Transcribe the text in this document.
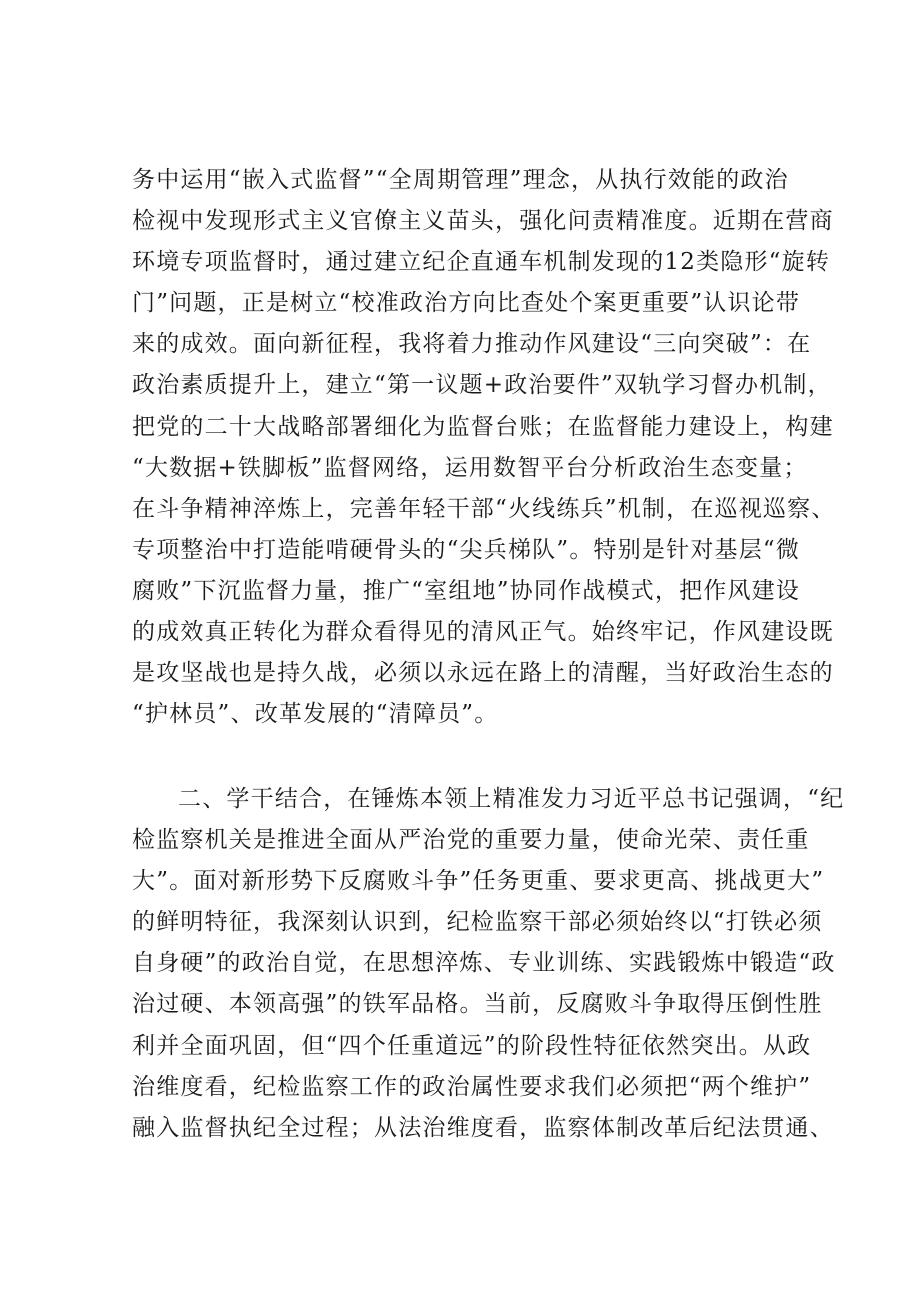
务中运用“嵌入式监督”“全周期管理”理念，从执行效能的政治
检视中发现形式主义官僚主义苗头，强化问责精准度。近期在营商
环境专项监督时，通过建立纪企直通车机制发现的12类隐形“旋转
门”问题，正是树立“校准政治方向比查处个案更重要”认识论带
来的成效。面向新征程，我将着力推动作风建设“三向突破”：在
政治素质提升上，建立“第一议题+政治要件”双轨学习督办机制，
把党的二十大战略部署细化为监督台账；在监督能力建设上，构建
“大数据+铁脚板”监督网络，运用数智平台分析政治生态变量；
在斗争精神淬炼上，完善年轻干部“火线练兵”机制，在巡视巡察、
专项整治中打造能啃硬骨头的“尖兵梯队”。特别是针对基层“微
腐败”下沉监督力量，推广“室组地”协同作战模式，把作风建设
的成效真正转化为群众看得见的清风正气。始终牢记，作风建设既
是攻坚战也是持久战，必须以永远在路上的清醒，当好政治生态的
“护林员”、改革发展的“清障员”。
二、学干结合，在锤炼本领上精准发力习近平总书记强调，“纪
检监察机关是推进全面从严治党的重要力量，使命光荣、责任重
大”。面对新形势下反腐败斗争”任务更重、要求更高、挑战更大”
的鲜明特征，我深刻认识到，纪检监察干部必须始终以“打铁必须
自身硬”的政治自觉，在思想淬炼、专业训练、实践锻炼中锻造“政
治过硬、本领高强”的铁军品格。当前，反腐败斗争取得压倒性胜
利并全面巩固，但“四个任重道远”的阶段性特征依然突出。从政
治维度看，纪检监察工作的政治属性要求我们必须把“两个维护”
融入监督执纪全过程；从法治维度看，监察体制改革后纪法贯通、
